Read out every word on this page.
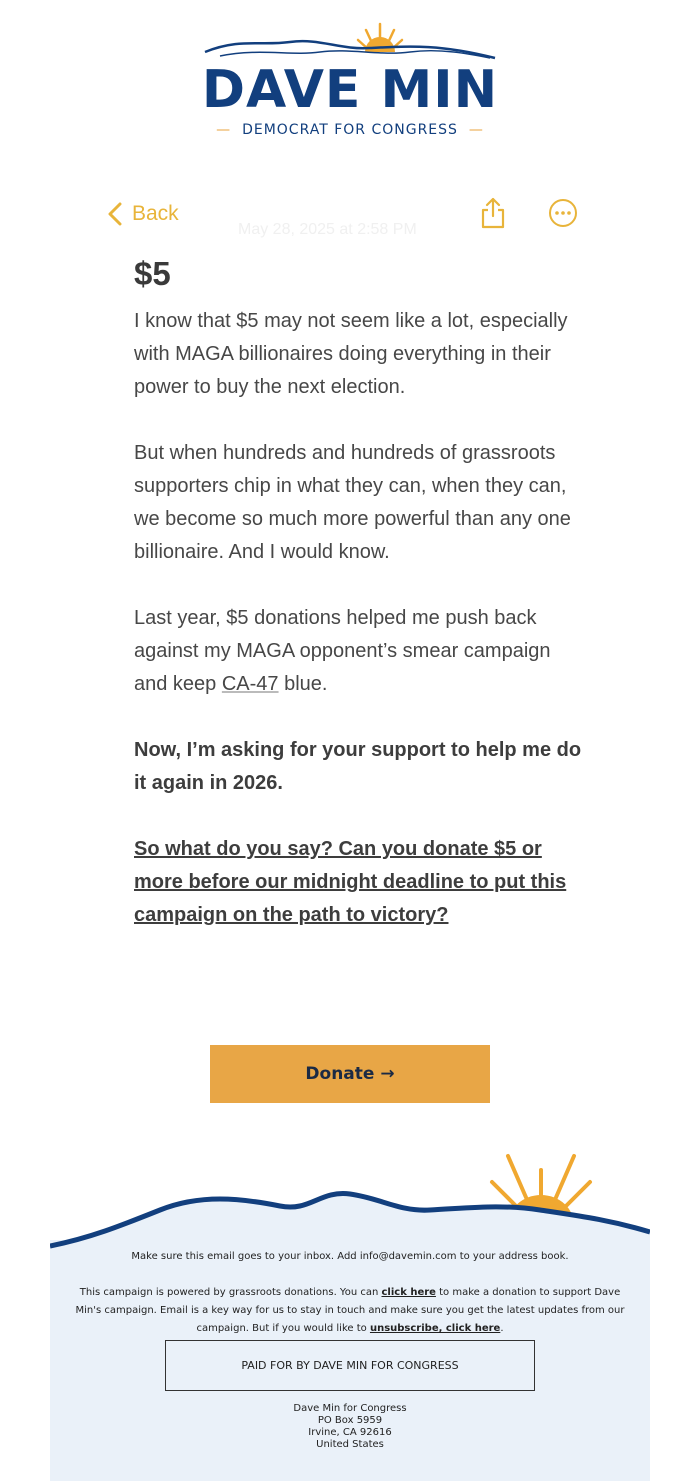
DAVE MIN
—  DEMOCRAT FOR CONGRESS  —
Back
May 28, 2025 at 2:58 PM
$5

I know that $5 may not seem like a lot, especially with MAGA billionaires doing everything in their power to buy the next election.

But when hundreds and hundreds of grassroots supporters chip in what they can, when they can, we become so much more powerful than any one billionaire. And I would know.

Last year, $5 donations helped me push back against my MAGA opponent’s smear campaign and keep CA-47 blue.

Now, I’m asking for your support to help me do it again in 2026.

So what do you say? Can you donate $5 or more before our midnight deadline to put this campaign on the path to victory?

Donate →
Make sure this email goes to your inbox. Add info@davemin.com to your address book.
This campaign is powered by grassroots donations. You can click here to make a donation to support Dave Min's campaign. Email is a key way for us to stay in touch and make sure you get the latest updates from our campaign. But if you would like to unsubscribe, click here.
PAID FOR BY DAVE MIN FOR CONGRESS
Dave Min for Congress
PO Box 5959
Irvine, CA 92616
United States
